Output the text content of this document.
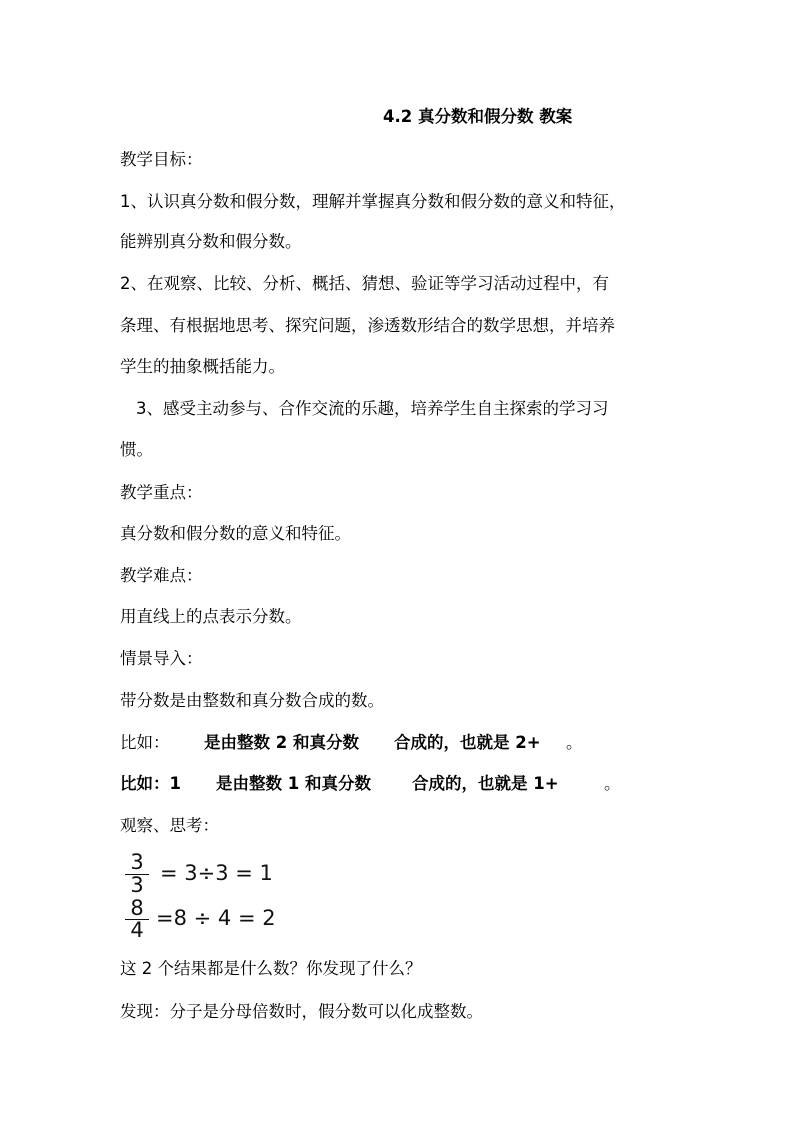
4.2 真分数和假分数 教案
教学目标：
1、认识真分数和假分数，理解并掌握真分数和假分数的意义和特征，
能辨别真分数和假分数。
2、在观察、比较、分析、概括、猜想、验证等学习活动过程中，有
条理、有根据地思考、探究问题，渗透数形结合的数学思想，并培养
学生的抽象概括能力。
3、感受主动参与、合作交流的乐趣，培养学生自主探索的学习习
惯。
教学重点：
真分数和假分数的意义和特征。
教学难点：
用直线上的点表示分数。
情景导入：
带分数是由整数和真分数合成的数。
比如： 是由整数 2 和真分数 合成的，也就是 2+ 。
比如：1 是由整数 1 和真分数 合成的，也就是 1+	。
观察、思考：
3
3 = 3÷3 = 1
8
4 =8 ÷ 4 = 2
这 2 个结果都是什么数？你发现了什么？
发现：分子是分母倍数时，假分数可以化成整数。
